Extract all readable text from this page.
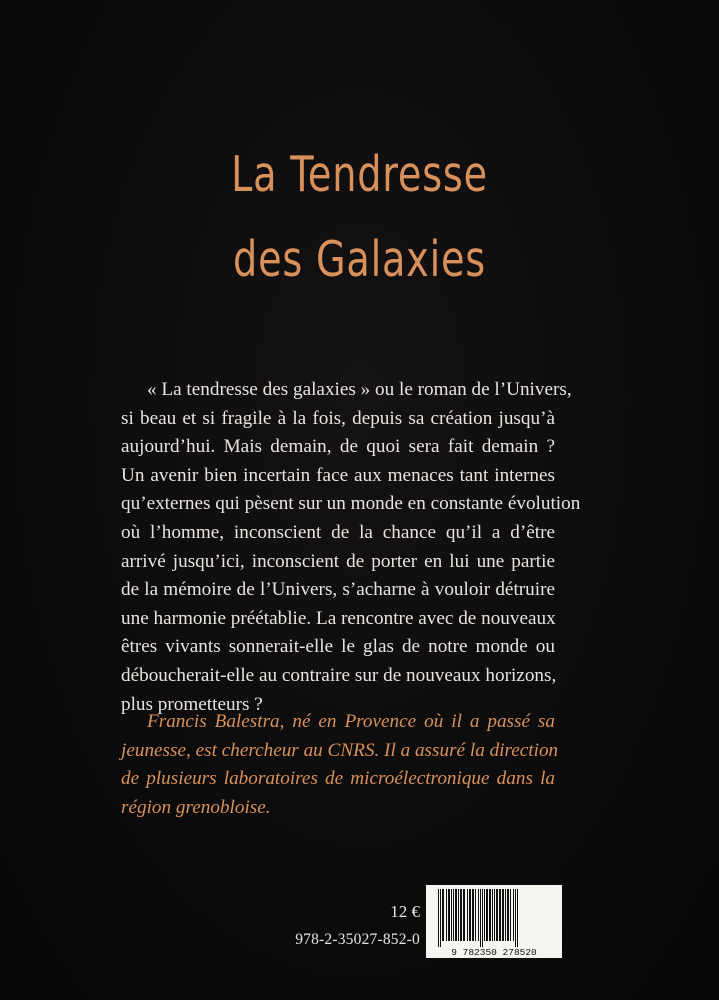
La Tendresse
des Galaxies
« La tendresse des galaxies » ou le roman de l’Univers,
si beau et si fragile à la fois, depuis sa création jusqu’à
aujourd’hui. Mais demain, de quoi sera fait demain ?
Un avenir bien incertain face aux menaces tant internes
qu’externes qui pèsent sur un monde en constante évolution
où l’homme, inconscient de la chance qu’il a d’être
arrivé jusqu’ici, inconscient de porter en lui une partie
de la mémoire de l’Univers, s’acharne à vouloir détruire
une harmonie préétablie. La rencontre avec de nouveaux
êtres vivants sonnerait-elle le glas de notre monde ou
déboucherait-elle au contraire sur de nouveaux horizons,
plus prometteurs ?
Francis Balestra, né en Provence où il a passé sa
jeunesse, est chercheur au CNRS. Il a assuré la direction
de plusieurs laboratoires de microélectronique dans la
région grenobloise.
12 €
978-2-35027-852-0
9 782350 278520
